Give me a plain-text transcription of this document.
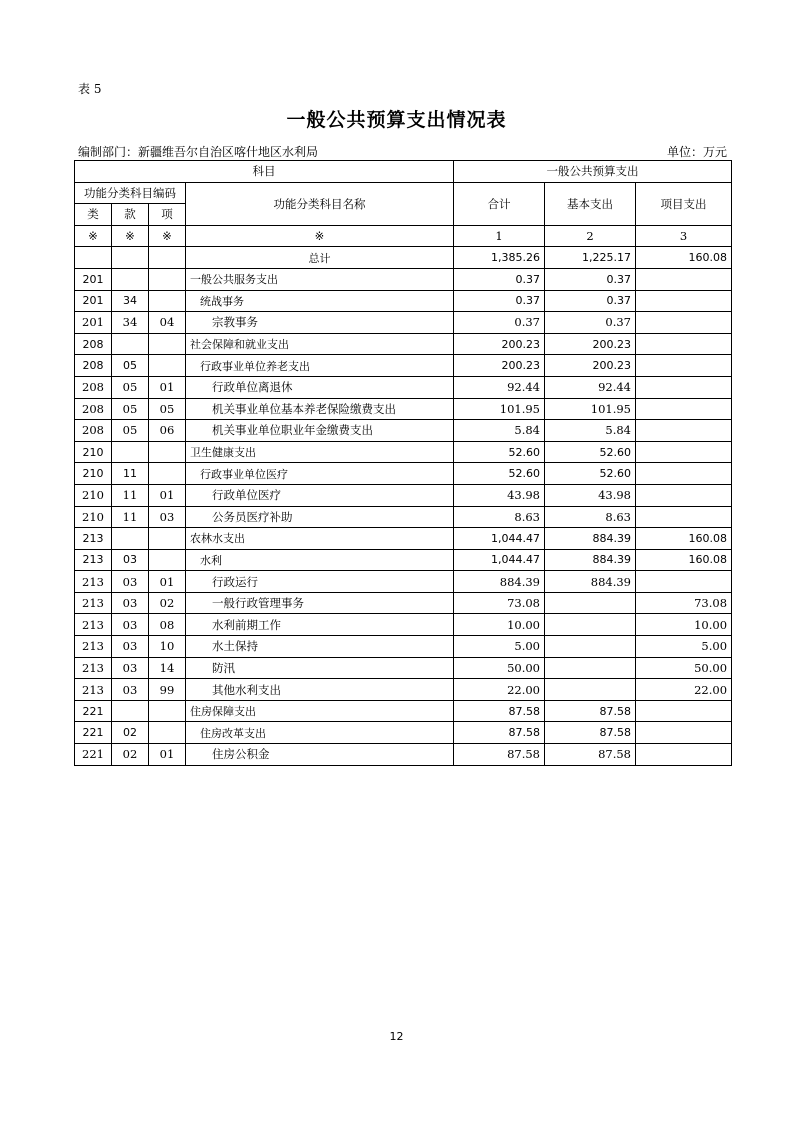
表 5
一般公共预算支出情况表
编制部门：新疆维吾尔自治区喀什地区水利局	单位：万元
科目				一般公共预算支出		
功能分类科目编码			功能分类科目名称	合计	基本支出	项目支出
类	款	项				
※	※	※	※	1	2	3
			总计	1,385.26	1,225.17	160.08
201			一般公共服务支出	0.37	0.37	
201	34		统战事务	0.37	0.37	
201	34	04	宗教事务	0.37	0.37	
208			社会保障和就业支出	200.23	200.23	
208	05		行政事业单位养老支出	200.23	200.23	
208	05	01	行政单位离退休	92.44	92.44	
208	05	05	机关事业单位基本养老保险缴费支出	101.95	101.95	
208	05	06	机关事业单位职业年金缴费支出	5.84	5.84	
210			卫生健康支出	52.60	52.60	
210	11		行政事业单位医疗	52.60	52.60	
210	11	01	行政单位医疗	43.98	43.98	
210	11	03	公务员医疗补助	8.63	8.63	
213			农林水支出	1,044.47	884.39	160.08
213	03		水利	1,044.47	884.39	160.08
213	03	01	行政运行	884.39	884.39	
213	03	02	一般行政管理事务	73.08		73.08
213	03	08	水利前期工作	10.00		10.00
213	03	10	水土保持	5.00		5.00
213	03	14	防汛	50.00		50.00
213	03	99	其他水利支出	22.00		22.00
221			住房保障支出	87.58	87.58	
221	02		住房改革支出	87.58	87.58	
221	02	01	住房公积金	87.58	87.58	
12
